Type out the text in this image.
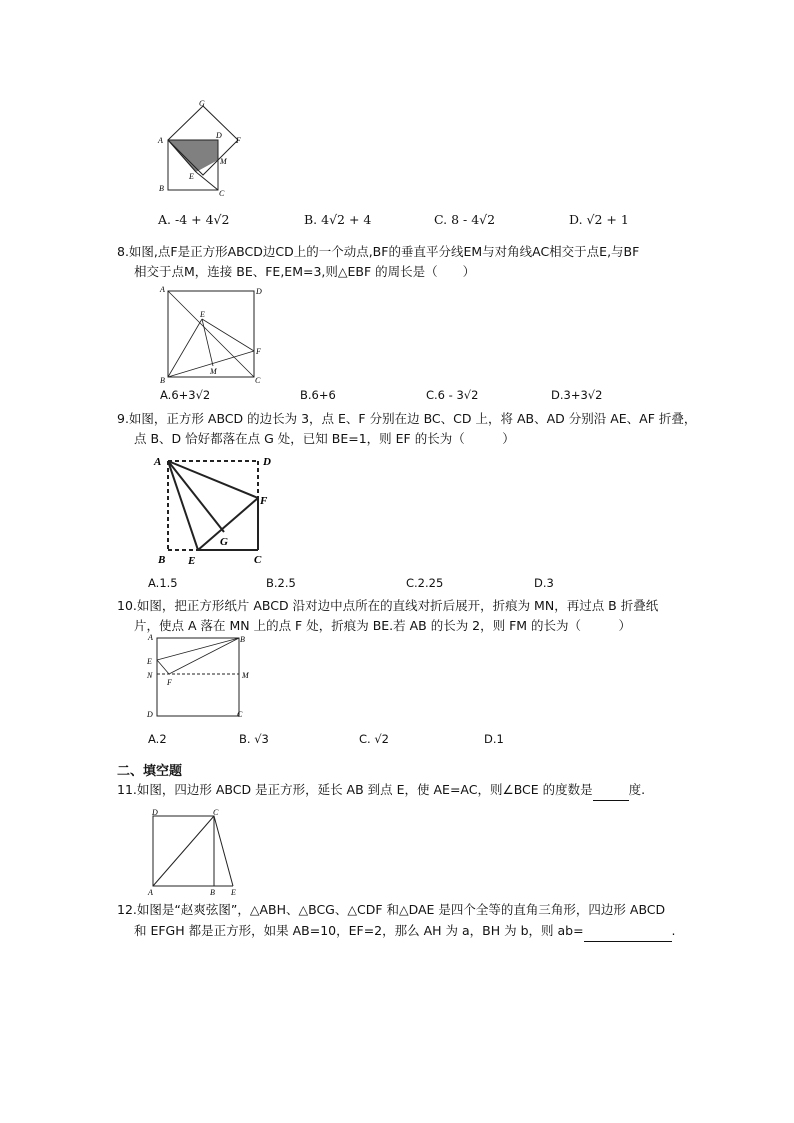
G
A
D
F
M
E
B
C
A. -4 + 4√2	B. 4√2 + 4	C. 8 - 4√2	D. √2 + 1
8.如图,点F是正方形ABCD边CD上的一个动点,BF的垂直平分线EM与对角线AC相交于点E,与BF
相交于点M，连接 BE、FE,EM=3,则△EBF 的周长是（　　）
A	D
E
F
M
B	C
A.6+3√2	B.6+6	C.6 - 3√2	D.3+3√2
9.如图，正方形 ABCD 的边长为 3，点 E、F 分别在边 BC、CD 上，将 AB、AD 分别沿 AE、AF 折叠，
点 B、D 恰好都落在点 G 处，已知 BE=1，则 EF 的长为（　　　）
A	D
F
G
B E	C
A.1.5	B.2.5	C.2.25	D.3
10.如图，把正方形纸片 ABCD 沿对边中点所在的直线对折后展开，折痕为 MN，再过点 B 折叠纸
片，使点 A 落在 MN 上的点 F 处，折痕为 BE.若 AB 的长为 2，则 FM 的长为（　　　）
A	B
E
N	M
F
D	C
A.2	B. √3	C. √2	D.1
二、填空题
11.如图，四边形 ABCD 是正方形，延长 AB 到点 E，使 AE=AC，则∠BCE 的度数是	度.
D	C
A	B E
12.如图是“赵爽弦图”，△ABH、△BCG、△CDF 和△DAE 是四个全等的直角三角形，四边形 ABCD
和 EFGH 都是正方形，如果 AB=10，EF=2，那么 AH 为 a，BH 为 b，则 ab=	.
